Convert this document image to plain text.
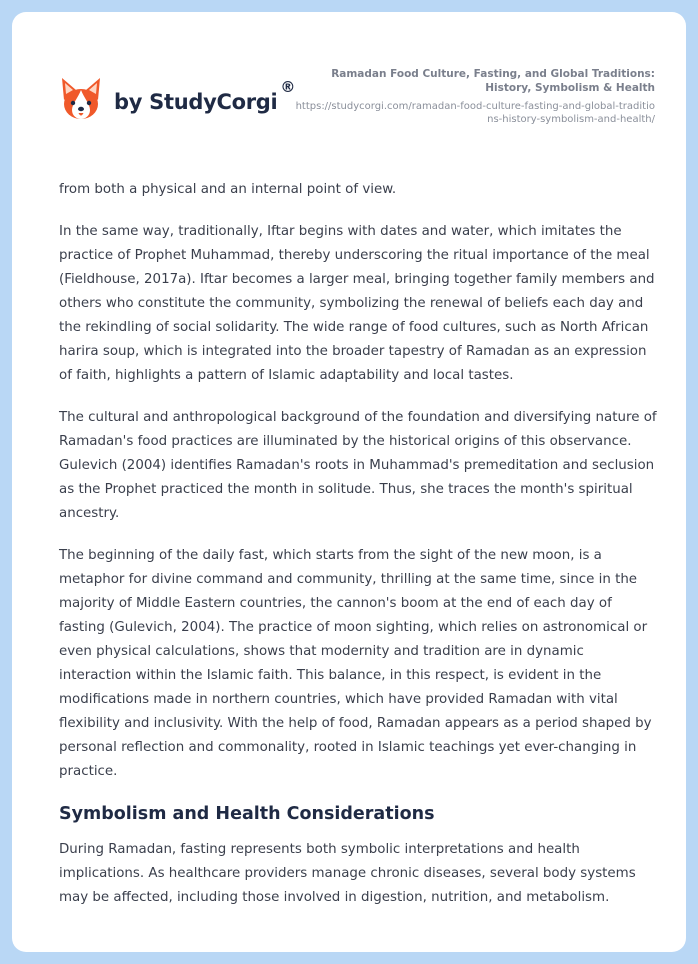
by StudyCorgi
®
Ramadan Food Culture, Fasting, and Global Traditions: History, Symbolism & Health
https://studycorgi.com/ramadan-food-culture-fasting-and-global-traditions-history-symbolism-and-health/

from both a physical and an internal point of view.

In the same way, traditionally, Iftar begins with dates and water, which imitates the practice of Prophet Muhammad, thereby underscoring the ritual importance of the meal (Fieldhouse, 2017a). Iftar becomes a larger meal, bringing together family members and others who constitute the community, symbolizing the renewal of beliefs each day and the rekindling of social solidarity. The wide range of food cultures, such as North African harira soup, which is integrated into the broader tapestry of Ramadan as an expression of faith, highlights a pattern of Islamic adaptability and local tastes.

The cultural and anthropological background of the foundation and diversifying nature of Ramadan's food practices are illuminated by the historical origins of this observance. Gulevich (2004) identifies Ramadan's roots in Muhammad's premeditation and seclusion as the Prophet practiced the month in solitude. Thus, she traces the month's spiritual ancestry.

The beginning of the daily fast, which starts from the sight of the new moon, is a metaphor for divine command and community, thrilling at the same time, since in the majority of Middle Eastern countries, the cannon's boom at the end of each day of fasting (Gulevich, 2004). The practice of moon sighting, which relies on astronomical or even physical calculations, shows that modernity and tradition are in dynamic interaction within the Islamic faith. This balance, in this respect, is evident in the modifications made in northern countries, which have provided Ramadan with vital flexibility and inclusivity. With the help of food, Ramadan appears as a period shaped by personal reflection and commonality, rooted in Islamic teachings yet ever-changing in practice.

Symbolism and Health Considerations

During Ramadan, fasting represents both symbolic interpretations and health implications. As healthcare providers manage chronic diseases, several body systems may be affected, including those involved in digestion, nutrition, and metabolism.
